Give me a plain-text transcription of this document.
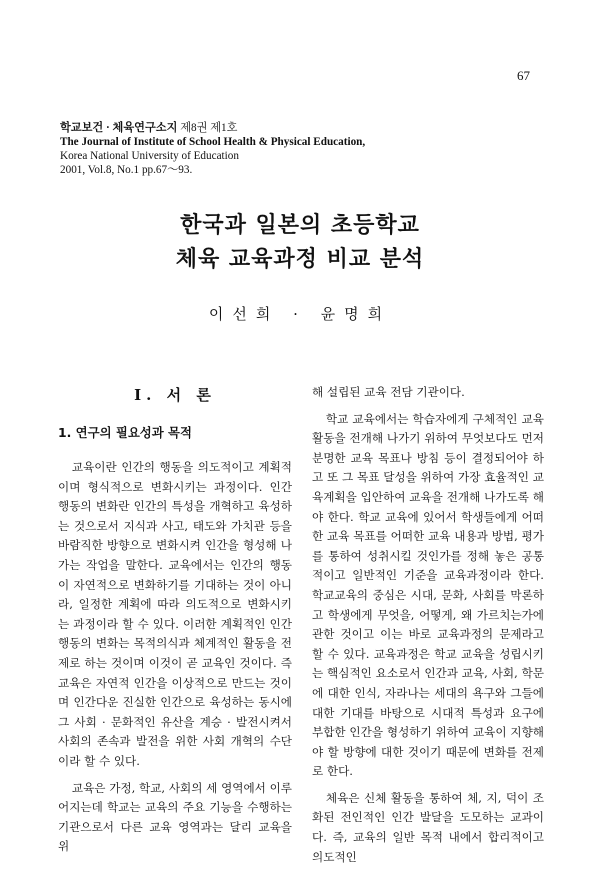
67
학교보건 · 체육연구소지 제8권 제1호
The Journal of Institute of School Health & Physical Education,
Korea National University of Education
2001, Vol.8, No.1 pp.67～93.
한국과 일본의 초등학교
체육 교육과정 비교 분석
이선희 · 윤명희
I. 서 론
1. 연구의 필요성과 목적

교육이란 인간의 행동을 의도적이고 계획적이며 형식적으로 변화시키는 과정이다. 인간 행동의 변화란 인간의 특성을 개혁하고 육성하는 것으로서 지식과 사고, 태도와 가치관 등을 바람직한 방향으로 변화시켜 인간을 형성해 나가는 작업을 말한다. 교육에서는 인간의 행동이 자연적으로 변화하기를 기대하는 것이 아니라, 일정한 계획에 따라 의도적으로 변화시키는 과정이라 할 수 있다. 이러한 계획적인 인간 행동의 변화는 목적의식과 체계적인 활동을 전제로 하는 것이며 이것이 곧 교육인 것이다. 즉 교육은 자연적 인간을 이상적으로 만드는 것이며 인간다운 진실한 인간으로 육성하는 동시에 그 사회 · 문화적인 유산을 계승 · 발전시켜서 사회의 존속과 발전을 위한 사회 개혁의 수단이라 할 수 있다.

교육은 가정, 학교, 사회의 세 영역에서 이루어지는데 학교는 교육의 주요 기능을 수행하는 기관으로서 다른 교육 영역과는 달리 교육을 위

해 설립된 교육 전담 기관이다.

학교 교육에서는 학습자에게 구체적인 교육활동을 전개해 나가기 위하여 무엇보다도 먼저 분명한 교육 목표나 방침 등이 결정되어야 하고 또 그 목표 달성을 위하여 가장 효율적인 교육계획을 입안하여 교육을 전개해 나가도록 해야 한다. 학교 교육에 있어서 학생들에게 어떠한 교육 목표를 어떠한 교육 내용과 방법, 평가를 통하여 성취시킬 것인가를 정해 놓은 공통적이고 일반적인 기준을 교육과정이라 한다. 학교교육의 중심은 시대, 문화, 사회를 막론하고 학생에게 무엇을, 어떻게, 왜 가르치는가에 관한 것이고 이는 바로 교육과정의 문제라고 할 수 있다. 교육과정은 학교 교육을 성립시키는 핵심적인 요소로서 인간과 교육, 사회, 학문에 대한 인식, 자라나는 세대의 욕구와 그들에 대한 기대를 바탕으로 시대적 특성과 요구에 부합한 인간을 형성하기 위하여 교육이 지향해야 할 방향에 대한 것이기 때문에 변화를 전제로 한다.

체육은 신체 활동을 통하여 체, 지, 덕이 조화된 전인적인 인간 발달을 도모하는 교과이다. 즉, 교육의 일반 목적 내에서 합리적이고 의도적인
